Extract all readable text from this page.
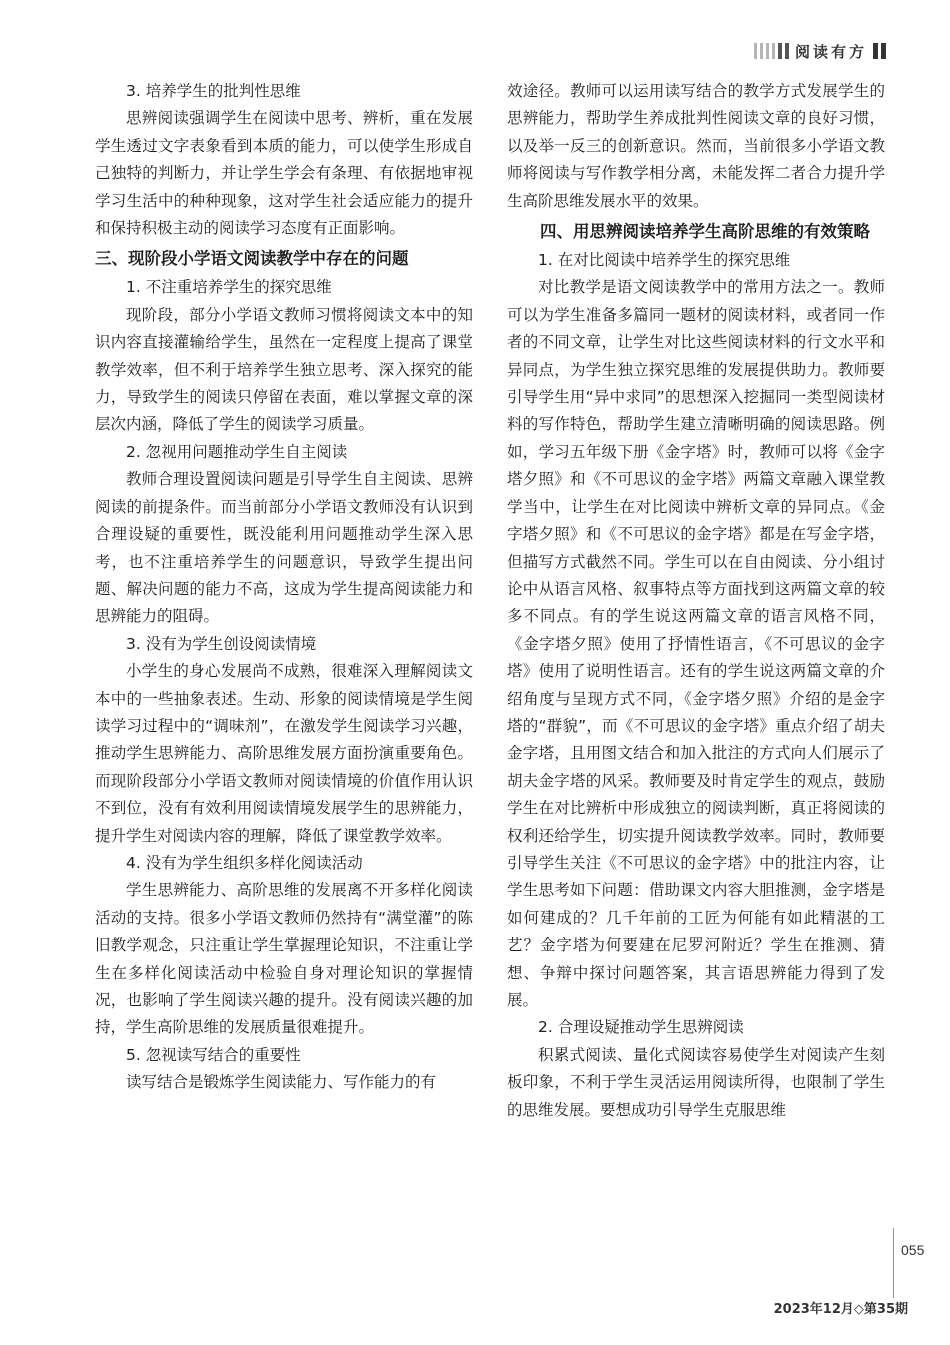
阅读有方
3. 培养学生的批判性思维

思辨阅读强调学生在阅读中思考、辨析，重在发展学生透过文字表象看到本质的能力，可以使学生形成自己独特的判断力，并让学生学会有条理、有依据地审视学习生活中的种种现象，这对学生社会适应能力的提升和保持积极主动的阅读学习态度有正面影响。

三、现阶段小学语文阅读教学中存在的问题
1. 不注重培养学生的探究思维

现阶段，部分小学语文教师习惯将阅读文本中的知识内容直接灌输给学生，虽然在一定程度上提高了课堂教学效率，但不利于培养学生独立思考、深入探究的能力，导致学生的阅读只停留在表面，难以掌握文章的深层次内涵，降低了学生的阅读学习质量。

2. 忽视用问题推动学生自主阅读

教师合理设置阅读问题是引导学生自主阅读、思辨阅读的前提条件。而当前部分小学语文教师没有认识到合理设疑的重要性，既没能利用问题推动学生深入思考，也不注重培养学生的问题意识，导致学生提出问题、解决问题的能力不高，这成为学生提高阅读能力和思辨能力的阻碍。

3. 没有为学生创设阅读情境

小学生的身心发展尚不成熟，很难深入理解阅读文本中的一些抽象表述。生动、形象的阅读情境是学生阅读学习过程中的“调味剂”，在激发学生阅读学习兴趣，推动学生思辨能力、高阶思维发展方面扮演重要角色。而现阶段部分小学语文教师对阅读情境的价值作用认识不到位，没有有效利用阅读情境发展学生的思辨能力，提升学生对阅读内容的理解，降低了课堂教学效率。

4. 没有为学生组织多样化阅读活动

学生思辨能力、高阶思维的发展离不开多样化阅读活动的支持。很多小学语文教师仍然持有“满堂灌”的陈旧教学观念，只注重让学生掌握理论知识，不注重让学生在多样化阅读活动中检验自身对理论知识的掌握情况，也影响了学生阅读兴趣的提升。没有阅读兴趣的加持，学生高阶思维的发展质量很难提升。

5. 忽视读写结合的重要性

读写结合是锻炼学生阅读能力、写作能力的有

效途径。教师可以运用读写结合的教学方式发展学生的思辨能力，帮助学生养成批判性阅读文章的良好习惯，以及举一反三的创新意识。然而，当前很多小学语文教师将阅读与写作教学相分离，未能发挥二者合力提升学生高阶思维发展水平的效果。

四、用思辨阅读培养学生高阶思维的有效策略
1. 在对比阅读中培养学生的探究思维

对比教学是语文阅读教学中的常用方法之一。教师可以为学生准备多篇同一题材的阅读材料，或者同一作者的不同文章，让学生对比这些阅读材料的行文水平和异同点，为学生独立探究思维的发展提供助力。教师要引导学生用“异中求同”的思想深入挖掘同一类型阅读材料的写作特色，帮助学生建立清晰明确的阅读思路。例如，学习五年级下册《金字塔》时，教师可以将《金字塔夕照》和《不可思议的金字塔》两篇文章融入课堂教学当中，让学生在对比阅读中辨析文章的异同点。《金字塔夕照》和《不可思议的金字塔》都是在写金字塔，但描写方式截然不同。学生可以在自由阅读、分小组讨论中从语言风格、叙事特点等方面找到这两篇文章的较多不同点。有的学生说这两篇文章的语言风格不同，《金字塔夕照》使用了抒情性语言，《不可思议的金字塔》使用了说明性语言。还有的学生说这两篇文章的介绍角度与呈现方式不同，《金字塔夕照》介绍的是金字塔的“群貌”，而《不可思议的金字塔》重点介绍了胡夫金字塔，且用图文结合和加入批注的方式向人们展示了胡夫金字塔的风采。教师要及时肯定学生的观点，鼓励学生在对比辨析中形成独立的阅读判断，真正将阅读的权利还给学生，切实提升阅读教学效率。同时，教师要引导学生关注《不可思议的金字塔》中的批注内容，让学生思考如下问题：借助课文内容大胆推测，金字塔是如何建成的？几千年前的工匠为何能有如此精湛的工艺？金字塔为何要建在尼罗河附近？学生在推测、猜想、争辩中探讨问题答案，其言语思辨能力得到了发展。

2. 合理设疑推动学生思辨阅读

积累式阅读、量化式阅读容易使学生对阅读产生刻板印象，不利于学生灵活运用阅读所得，也限制了学生的思维发展。要想成功引导学生克服思维

055
2023年12月◇第35期
